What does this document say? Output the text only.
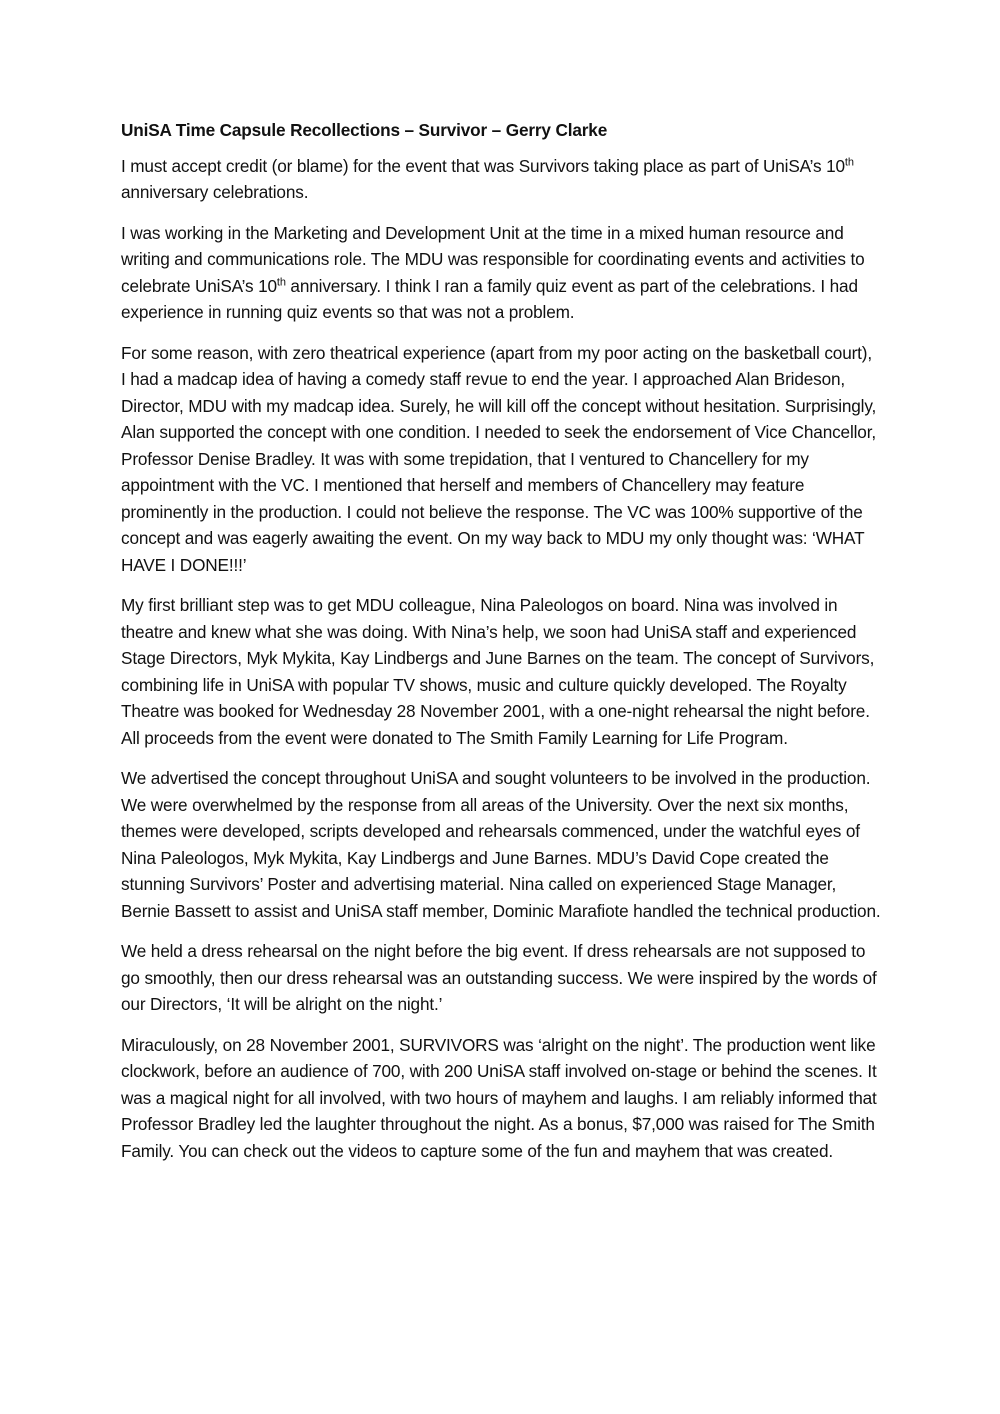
UniSA Time Capsule Recollections – Survivor – Gerry Clarke

I must accept credit (or blame) for the event that was Survivors taking place as part of UniSA’s 10th anniversary celebrations.

I was working in the Marketing and Development Unit at the time in a mixed human resource and writing and communications role. The MDU was responsible for coordinating events and activities to celebrate UniSA’s 10th anniversary. I think I ran a family quiz event as part of the celebrations. I had experience in running quiz events so that was not a problem.

For some reason, with zero theatrical experience (apart from my poor acting on the basketball court), I had a madcap idea of having a comedy staff revue to end the year. I approached Alan Brideson, Director, MDU with my madcap idea. Surely, he will kill off the concept without hesitation. Surprisingly, Alan supported the concept with one condition. I needed to seek the endorsement of Vice Chancellor, Professor Denise Bradley. It was with some trepidation, that I ventured to Chancellery for my appointment with the VC. I mentioned that herself and members of Chancellery may feature prominently in the production. I could not believe the response. The VC was 100% supportive of the concept and was eagerly awaiting the event. On my way back to MDU my only thought was: ‘WHAT HAVE I DONE!!!’

My first brilliant step was to get MDU colleague, Nina Paleologos on board. Nina was involved in theatre and knew what she was doing. With Nina’s help, we soon had UniSA staff and experienced Stage Directors, Myk Mykita, Kay Lindbergs and June Barnes on the team. The concept of Survivors, combining life in UniSA with popular TV shows, music and culture quickly developed. The Royalty Theatre was booked for Wednesday 28 November 2001, with a one-night rehearsal the night before. All proceeds from the event were donated to The Smith Family Learning for Life Program.

We advertised the concept throughout UniSA and sought volunteers to be involved in the production. We were overwhelmed by the response from all areas of the University. Over the next six months, themes were developed, scripts developed and rehearsals commenced, under the watchful eyes of Nina Paleologos, Myk Mykita, Kay Lindbergs and June Barnes. MDU’s David Cope created the stunning Survivors’ Poster and advertising material. Nina called on experienced Stage Manager, Bernie Bassett to assist and UniSA staff member, Dominic Marafiote handled the technical production.

We held a dress rehearsal on the night before the big event. If dress rehearsals are not supposed to go smoothly, then our dress rehearsal was an outstanding success. We were inspired by the words of our Directors, ‘It will be alright on the night.’

Miraculously, on 28 November 2001, SURVIVORS was ‘alright on the night’. The production went like clockwork, before an audience of 700, with 200 UniSA staff involved on-stage or behind the scenes. It was a magical night for all involved, with two hours of mayhem and laughs. I am reliably informed that Professor Bradley led the laughter throughout the night. As a bonus, $7,000 was raised for The Smith Family. You can check out the videos to capture some of the fun and mayhem that was created.
